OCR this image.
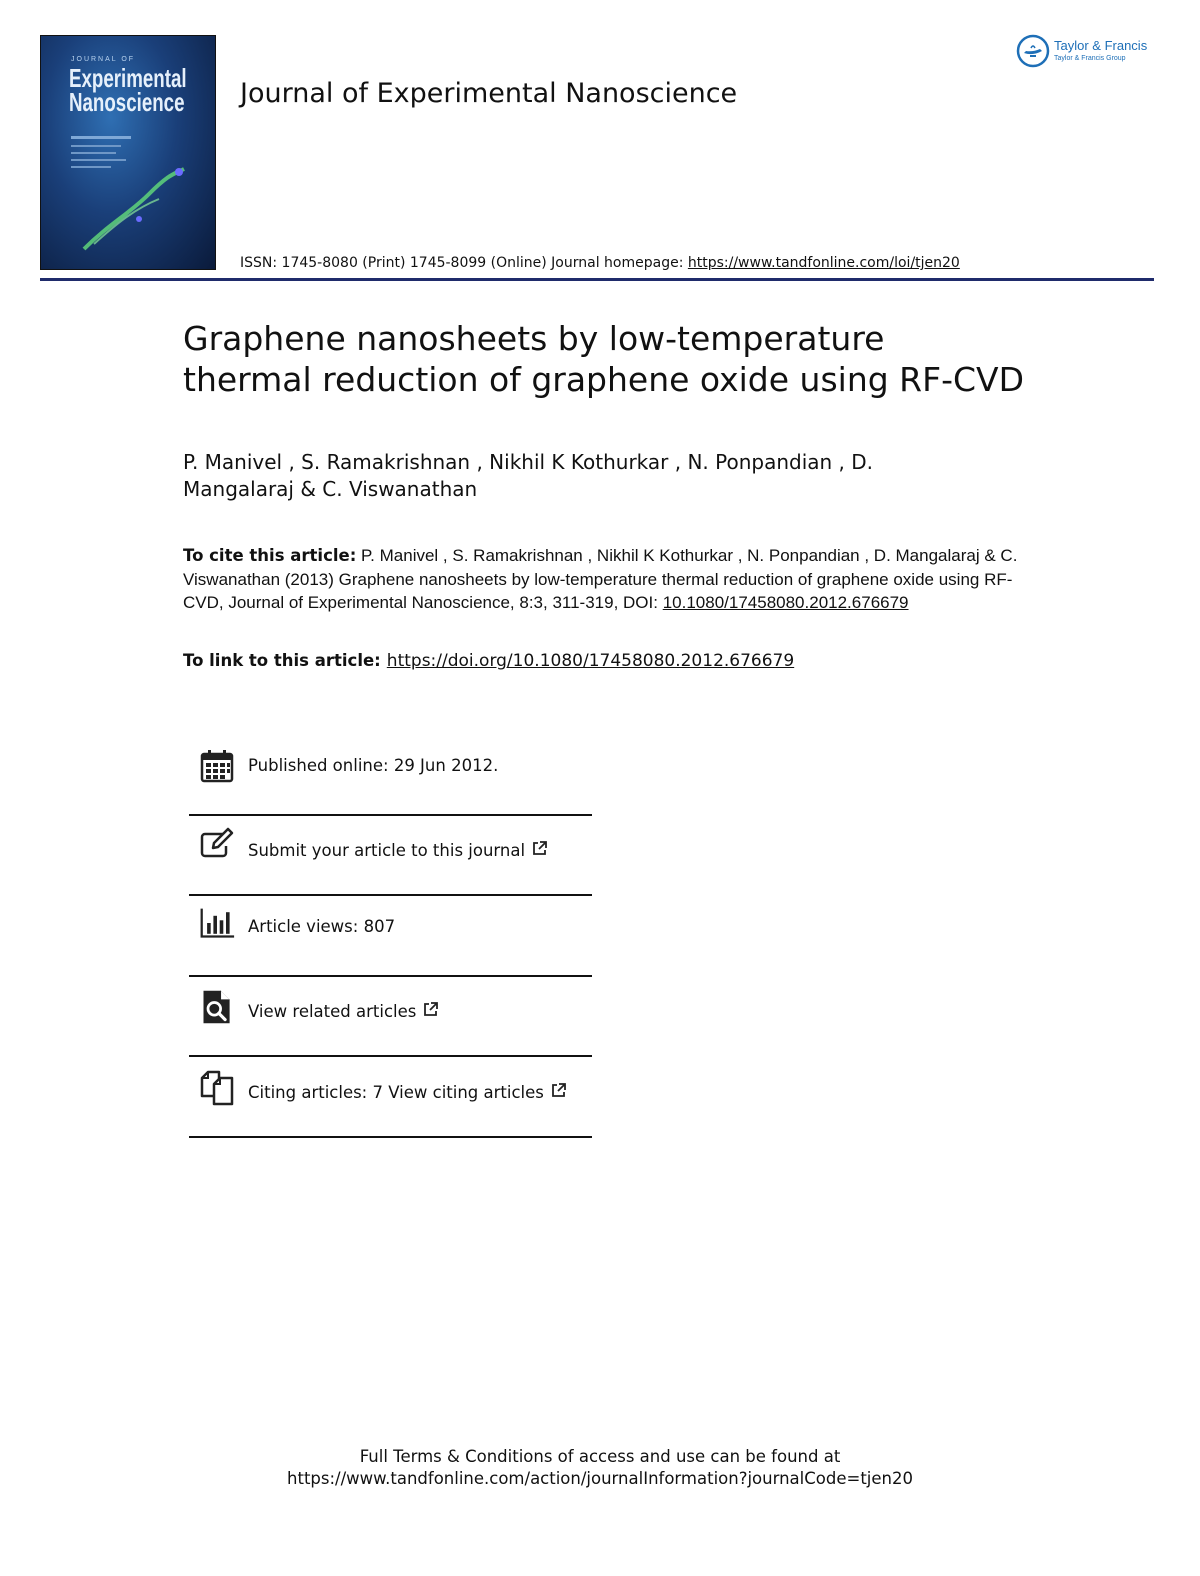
JOURNAL OF
Experimental
Nanoscience Journal of Experimental Nanoscience
Taylor & Francis
Taylor & Francis Group
ISSN: 1745-8080 (Print) 1745-8099 (Online) Journal homepage: https://www.tandfonline.com/loi/tjen20
Graphene nanosheets by low-temperature
thermal reduction of graphene oxide using RF-CVD
P. Manivel , S. Ramakrishnan , Nikhil K Kothurkar , N. Ponpandian , D.
Mangalaraj & C. Viswanathan
To cite this article: P. Manivel , S. Ramakrishnan , Nikhil K Kothurkar , N. Ponpandian , D. Mangalaraj & C. Viswanathan (2013) Graphene nanosheets by low-temperature thermal reduction of graphene oxide using RF-CVD, Journal of Experimental Nanoscience, 8:3, 311-319, DOI: 10.1080/17458080.2012.676679
To link to this article: https://doi.org/10.1080/17458080.2012.676679
Published online: 29 Jun 2012.
Submit your article to this journal
Article views: 807
View related articles
Citing articles: 7 View citing articles
Full Terms & Conditions of access and use can be found at
https://www.tandfonline.com/action/journalInformation?journalCode=tjen20
